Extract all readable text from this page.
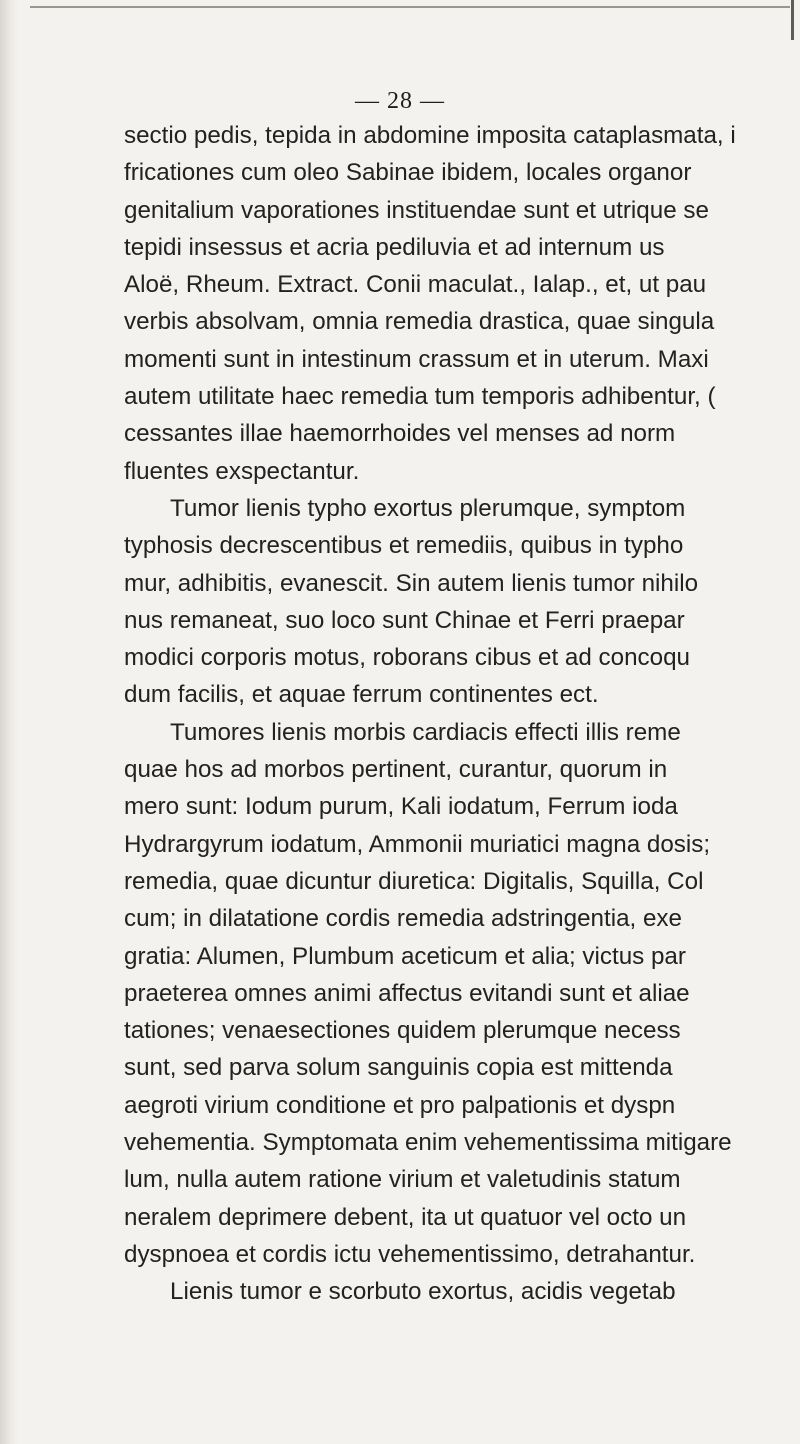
— 28 —
sectio pedis, tepida in abdomine imposita cataplasmata, i
fricationes cum oleo Sabinae ibidem, locales organor
genitalium vaporationes instituendae sunt et utrique se
tepidi insessus et acria pediluvia et ad internum us
Aloë, Rheum. Extract. Conii maculat., Ialap., et, ut pau
verbis absolvam, omnia remedia drastica, quae singula
momenti sunt in intestinum crassum et in uterum. Maxi
autem utilitate haec remedia tum temporis adhibentur, (
cessantes illae haemorrhoides vel menses ad norm
fluentes exspectantur.
Tumor lienis typho exortus plerumque, symptom
typhosis decrescentibus et remediis, quibus in typho
mur, adhibitis, evanescit. Sin autem lienis tumor nihilo
nus remaneat, suo loco sunt Chinae et Ferri praepar
modici corporis motus, roborans cibus et ad concoqu
dum facilis, et aquae ferrum continentes ect.
Tumores lienis morbis cardiacis effecti illis reme
quae hos ad morbos pertinent, curantur, quorum in
mero sunt: Iodum purum, Kali iodatum, Ferrum ioda
Hydrargyrum iodatum, Ammonii muriatici magna dosis;
remedia, quae dicuntur diuretica: Digitalis, Squilla, Col
cum; in dilatatione cordis remedia adstringentia, exe
gratia: Alumen, Plumbum aceticum et alia; victus par
praeterea omnes animi affectus evitandi sunt et aliae
tationes; venaesectiones quidem plerumque necess
sunt, sed parva solum sanguinis copia est mittenda
aegroti virium conditione et pro palpationis et dyspn
vehementia. Symptomata enim vehementissima mitigare
lum, nulla autem ratione virium et valetudinis statum
neralem deprimere debent, ita ut quatuor vel octo un
dyspnoea et cordis ictu vehementissimo, detrahantur.
Lienis tumor e scorbuto exortus, acidis vegetab
